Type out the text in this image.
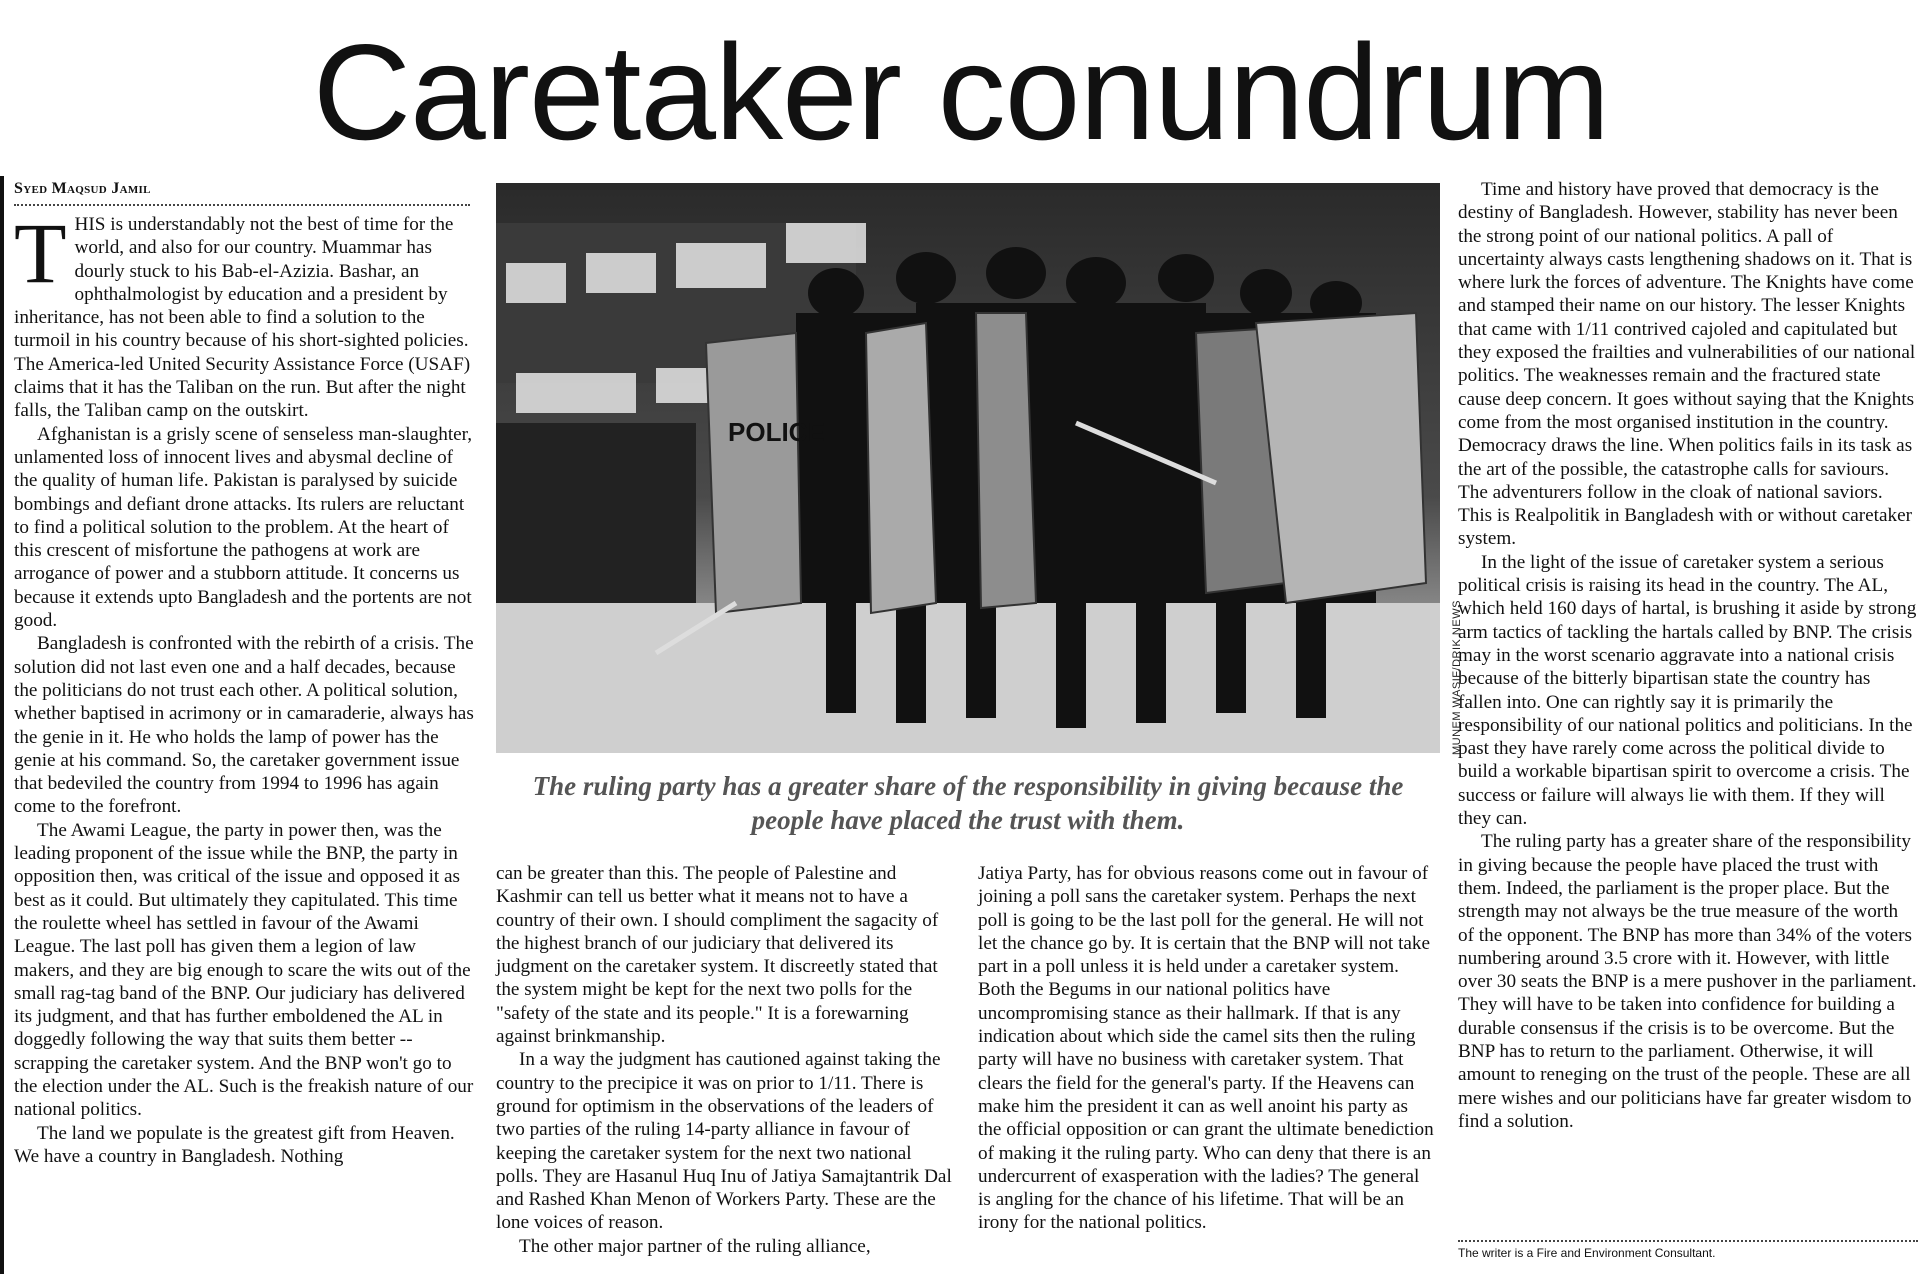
Caretaker conundrum
Syed Maqsud Jamil

THIS is understandably not the best of time for the world, and also for our country. Muammar has dourly stuck to his Bab-el-Azizia. Bashar, an ophthalmologist by education and a president by inheritance, has not been able to find a solution to the turmoil in his country because of his short-sighted policies. The America-led United Security Assistance Force (USAF) claims that it has the Taliban on the run. But after the night falls, the Taliban camp on the outskirt.

Afghanistan is a grisly scene of senseless man-slaughter, unlamented loss of innocent lives and abysmal decline of the quality of human life. Pakistan is paralysed by suicide bombings and defiant drone attacks. Its rulers are reluctant to find a political solution to the problem. At the heart of this crescent of misfortune the pathogens at work are arrogance of power and a stubborn attitude. It concerns us because it extends upto Bangladesh and the portents are not good.

Bangladesh is confronted with the rebirth of a crisis. The solution did not last even one and a half decades, because the politicians do not trust each other. A political solution, whether baptised in acrimony or in camaraderie, always has the genie in it. He who holds the lamp of power has the genie at his command. So, the caretaker government issue that bedeviled the country from 1994 to 1996 has again come to the forefront.

The Awami League, the party in power then, was the leading proponent of the issue while the BNP, the party in opposition then, was critical of the issue and opposed it as best as it could. But ultimately they capitulated. This time the roulette wheel has settled in favour of the Awami League. The last poll has given them a legion of law makers, and they are big enough to scare the wits out of the small rag-tag band of the BNP. Our judiciary has delivered its judgment, and that has further emboldened the AL in doggedly following the way that suits them better -- scrapping the caretaker system. And the BNP won't go to the election under the AL. Such is the freakish nature of our national politics.

The land we populate is the greatest gift from Heaven. We have a country in Bangladesh. Nothing

POLICE
MUNEM WASIF/DRIK NEWS
The ruling party has a greater share of the responsibility in giving because the people have placed the trust with them.

can be greater than this. The people of Palestine and Kashmir can tell us better what it means not to have a country of their own. I should compliment the sagacity of the highest branch of our judiciary that delivered its judgment on the caretaker system. It discreetly stated that the system might be kept for the next two polls for the "safety of the state and its people." It is a forewarning against brinkmanship.

In a way the judgment has cautioned against taking the country to the precipice it was on prior to 1/11. There is ground for optimism in the observations of the leaders of two parties of the ruling 14-party alliance in favour of keeping the caretaker system for the next two national polls. They are Hasanul Huq Inu of Jatiya Samajtantrik Dal and Rashed Khan Menon of Workers Party. These are the lone voices of reason.

The other major partner of the ruling alliance,

Jatiya Party, has for obvious reasons come out in favour of joining a poll sans the caretaker system. Perhaps the next poll is going to be the last poll for the general. He will not let the chance go by. It is certain that the BNP will not take part in a poll unless it is held under a caretaker system. Both the Begums in our national politics have uncompromising stance as their hallmark. If that is any indication about which side the camel sits then the ruling party will have no business with caretaker system. That clears the field for the general's party. If the Heavens can make him the president it can as well anoint his party as the official opposition or can grant the ultimate benediction of making it the ruling party. Who can deny that there is an undercurrent of exasperation with the ladies? The general is angling for the chance of his lifetime. That will be an irony for the national politics.

Time and history have proved that democracy is the destiny of Bangladesh. However, stability has never been the strong point of our national politics. A pall of uncertainty always casts lengthening shadows on it. That is where lurk the forces of adventure. The Knights have come and stamped their name on our history. The lesser Knights that came with 1/11 contrived cajoled and capitulated but they exposed the frailties and vulnerabilities of our national politics. The weaknesses remain and the fractured state cause deep concern. It goes without saying that the Knights come from the most organised institution in the country. Democracy draws the line. When politics fails in its task as the art of the possible, the catastrophe calls for saviours. The adventurers follow in the cloak of national saviors. This is Realpolitik in Bangladesh with or without caretaker system.

In the light of the issue of caretaker system a serious political crisis is raising its head in the country. The AL, which held 160 days of hartal, is brushing it aside by strong arm tactics of tackling the hartals called by BNP. The crisis may in the worst scenario aggravate into a national crisis because of the bitterly bipartisan state the country has fallen into. One can rightly say it is primarily the responsibility of our national politics and politicians. In the past they have rarely come across the political divide to build a workable bipartisan spirit to overcome a crisis. The success or failure will always lie with them. If they will they can.

The ruling party has a greater share of the responsibility in giving because the people have placed the trust with them. Indeed, the parliament is the proper place. But the strength may not always be the true measure of the worth of the opponent. The BNP has more than 34% of the voters numbering around 3.5 crore with it. However, with little over 30 seats the BNP is a mere pushover in the parliament. They will have to be taken into confidence for building a durable consensus if the crisis is to be overcome. But the BNP has to return to the parliament. Otherwise, it will amount to reneging on the trust of the people. These are all mere wishes and our politicians have far greater wisdom to find a solution.

The writer is a Fire and Environment Consultant.
